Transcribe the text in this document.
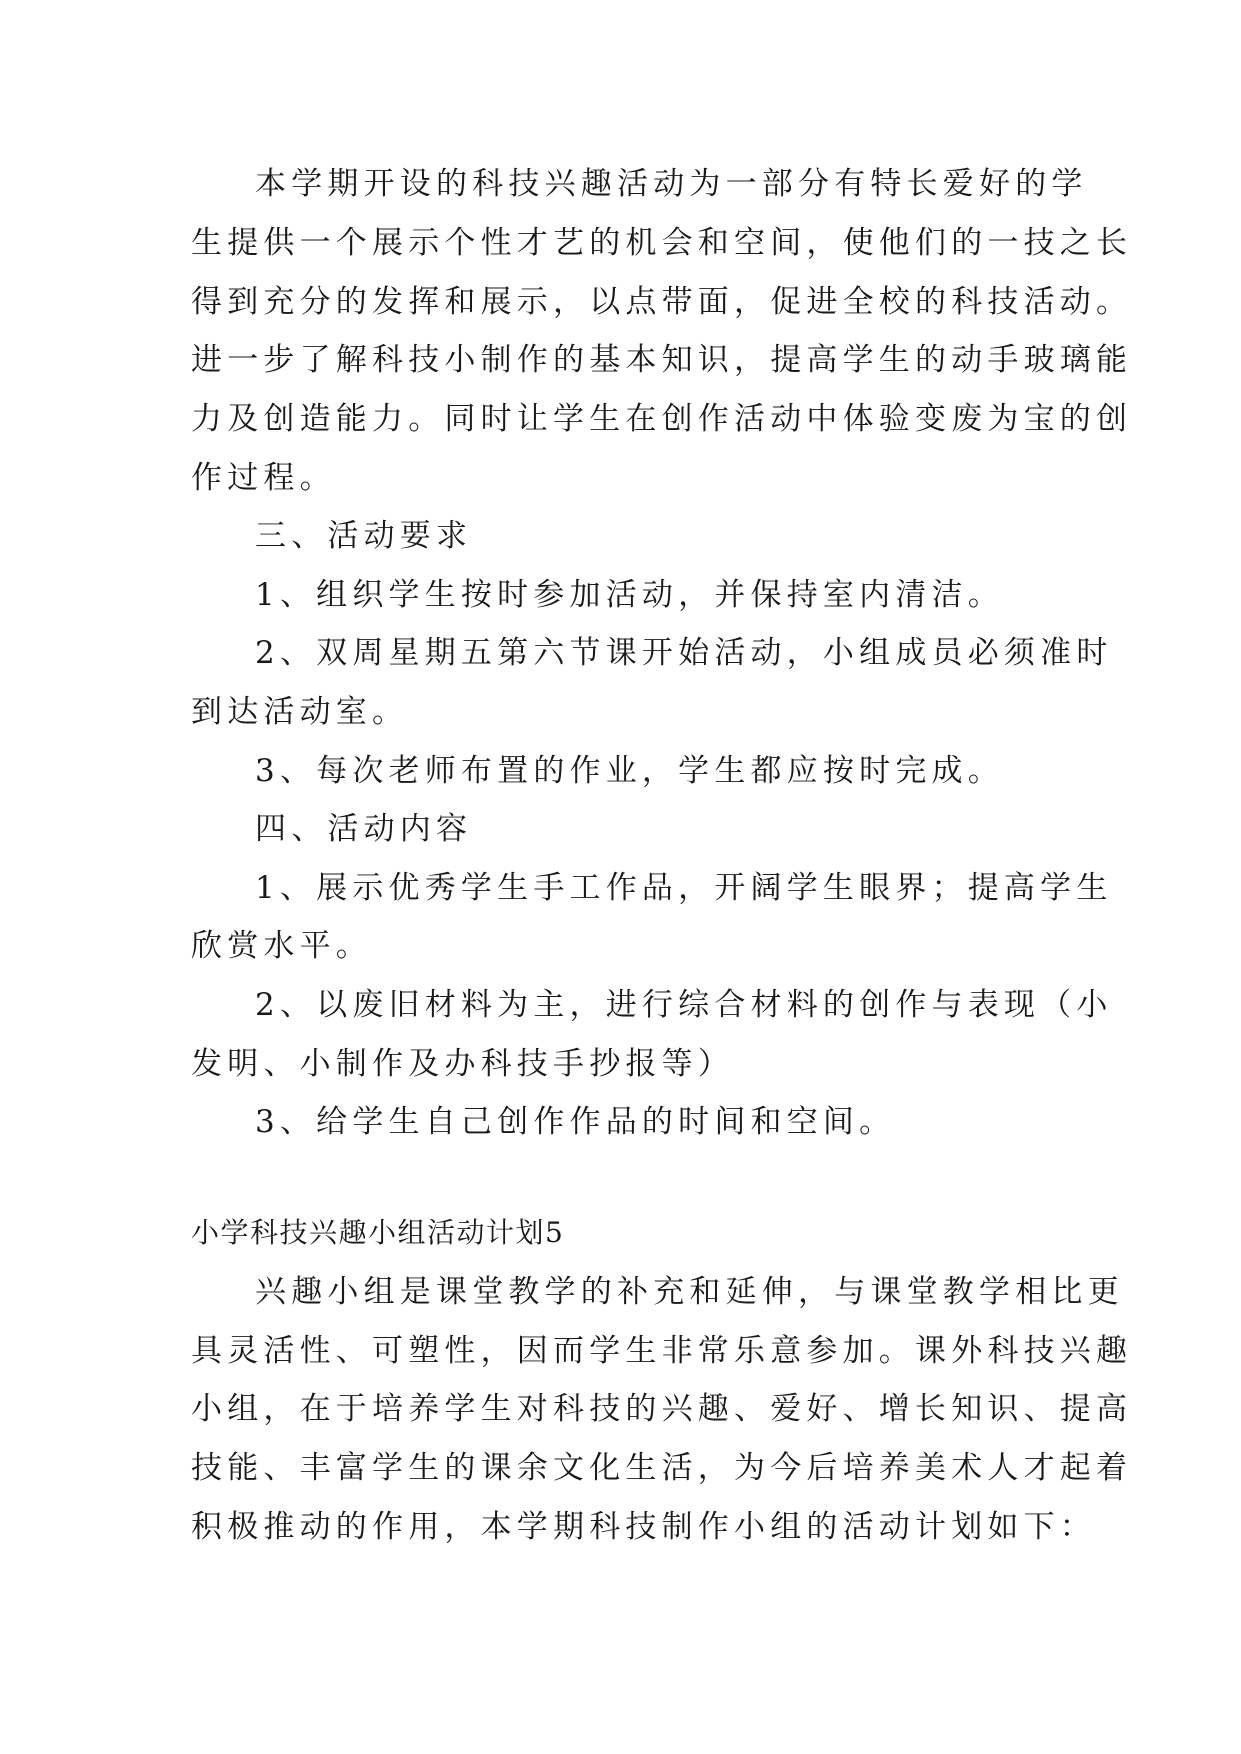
本学期开设的科技兴趣活动为一部分有特长爱好的学
生提供一个展示个性才艺的机会和空间，使他们的一技之长
得到充分的发挥和展示，以点带面，促进全校的科技活动。
进一步了解科技小制作的基本知识，提高学生的动手玻璃能
力及创造能力。同时让学生在创作活动中体验变废为宝的创
作过程。
三、活动要求
1、组织学生按时参加活动，并保持室内清洁。
2、双周星期五第六节课开始活动，小组成员必须准时
到达活动室。
3、每次老师布置的作业，学生都应按时完成。
四、活动内容
1、展示优秀学生手工作品，开阔学生眼界；提高学生
欣赏水平。
2、以废旧材料为主，进行综合材料的创作与表现（小
发明、小制作及办科技手抄报等）
3、给学生自己创作作品的时间和空间。
小学科技兴趣小组活动计划5
兴趣小组是课堂教学的补充和延伸，与课堂教学相比更
具灵活性、可塑性，因而学生非常乐意参加。课外科技兴趣
小组，在于培养学生对科技的兴趣、爱好、增长知识、提高
技能、丰富学生的课余文化生活，为今后培养美术人才起着
积极推动的作用，本学期科技制作小组的活动计划如下：
